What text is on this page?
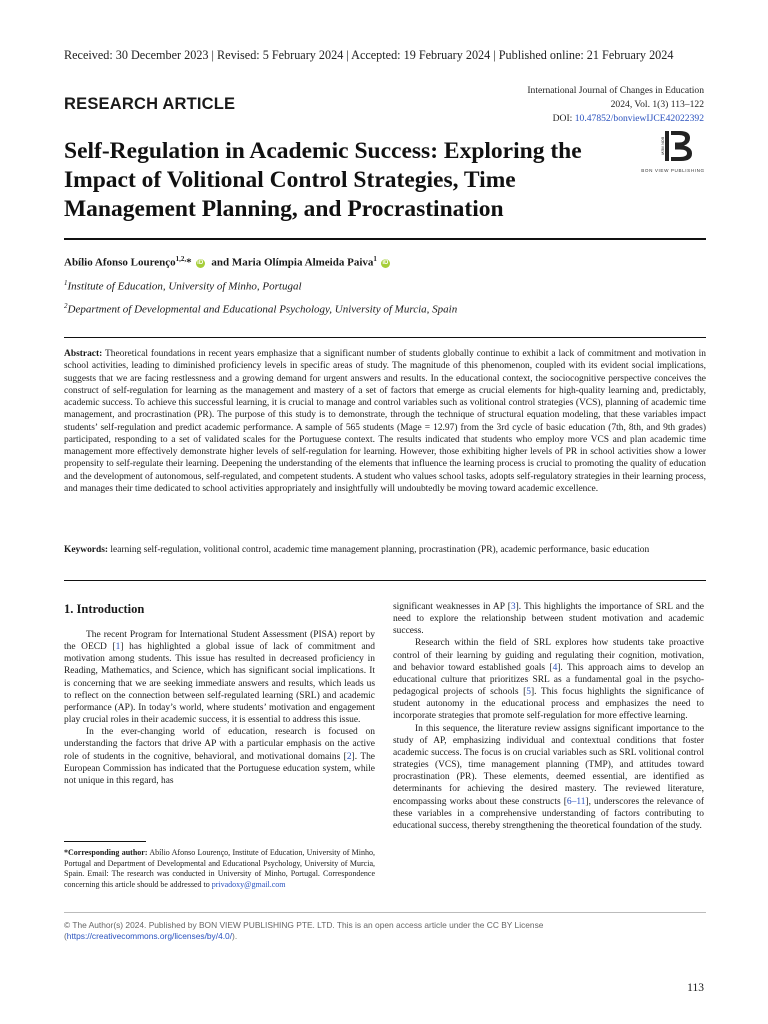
Received: 30 December 2023 | Revised: 5 February 2024 | Accepted: 19 February 2024 | Published online: 21 February 2024
RESEARCH ARTICLE
International Journal of Changes in Education
2024, Vol. 1(3) 113–122
DOI: 10.47852/bonviewIJCE42022392
Self-Regulation in Academic Success: Exploring the Impact of Volitional Control Strategies, Time Management Planning, and Procrastination
BON VIEW
BON VIEW PUBLISHING
Abílio Afonso Lourenço$^{1,2,}$* iD and Maria Olímpia Almeida Paiva$^1$ iD
$^1$Institute of Education, University of Minho, Portugal
$^2$Department of Developmental and Educational Psychology, University of Murcia, Spain
Abstract: Theoretical foundations in recent years emphasize that a significant number of students globally continue to exhibit a lack of commitment and motivation in school activities, leading to diminished proficiency levels in specific areas of study. The magnitude of this phenomenon, coupled with its evident social implications, suggests that we are facing restlessness and a growing demand for urgent answers and results. In the educational context, the sociocognitive perspective conceives the construct of self-regulation for learning as the management and mastery of a set of factors that emerge as crucial elements for high-quality learning and, predictably, academic success. To achieve this successful learning, it is crucial to manage and control variables such as volitional control strategies (VCS), planning of academic time management, and procrastination (PR). The purpose of this study is to demonstrate, through the technique of structural equation modeling, that these variables impact students’ self-regulation and predict academic performance. A sample of 565 students (Mage = 12.97) from the 3rd cycle of basic education (7th, 8th, and 9th grades) participated, responding to a set of validated scales for the Portuguese context. The results indicated that students who employ more VCS and plan academic time management more effectively demonstrate higher levels of self-regulation for learning. However, those exhibiting higher levels of PR in school activities show a lower propensity to self-regulate their learning. Deepening the understanding of the elements that influence the learning process is crucial to promoting the quality of education and the development of autonomous, self-regulated, and competent students. A student who values school tasks, adopts self-regulatory strategies in their learning process, and manages their time dedicated to school activities appropriately and insightfully will undoubtedly be moving toward academic excellence.
Keywords: learning self-regulation, volitional control, academic time management planning, procrastination (PR), academic performance, basic education
1. Introduction

The recent Program for International Student Assessment (PISA) report by the OECD [1] has highlighted a global issue of lack of commitment and motivation among students. This issue has resulted in decreased proficiency in Reading, Mathematics, and Science, which has significant social implications. It is concerning that we are seeking immediate answers and results, which leads us to reflect on the connection between self-regulated learning (SRL) and academic performance (AP). In today’s world, where students’ motivation and engagement play crucial roles in their academic success, it is essential to address this issue.

In the ever-changing world of education, research is focused on understanding the factors that drive AP with a particular emphasis on the active role of students in the cognitive, behavioral, and motivational domains [2]. The European Commission has indicated that the Portuguese education system, while not unique in this regard, has

significant weaknesses in AP [3]. This highlights the importance of SRL and the need to explore the relationship between student motivation and academic success.

Research within the field of SRL explores how students take proactive control of their learning by guiding and regulating their cognition, motivation, and behavior toward established goals [4]. This approach aims to develop an educational culture that prioritizes SRL as a fundamental goal in the psycho-pedagogical projects of schools [5]. This focus highlights the significance of student autonomy in the educational process and emphasizes the need to incorporate strategies that promote self-regulation for more effective learning.

In this sequence, the literature review assigns significant importance to the study of AP, emphasizing individual and contextual conditions that foster academic success. The focus is on crucial variables such as SRL volitional control strategies (VCS), time management planning (TMP), and attitudes toward procrastination (PR). These elements, deemed essential, are identified as determinants for achieving the desired mastery. The reviewed literature, encompassing works about these constructs [6–11], underscores the relevance of these variables in a comprehensive understanding of factors contributing to educational success, thereby strengthening the theoretical foundation of the study.

*Corresponding author: Abílio Afonso Lourenço, Institute of Education, University of Minho, Portugal and Department of Developmental and Educational Psychology, University of Murcia, Spain. Email: The research was conducted in University of Minho, Portugal. Correspondence concerning this article should be addressed to privadoxy@gmail.com
© The Author(s) 2024. Published by BON VIEW PUBLISHING PTE. LTD. This is an open access article under the CC BY License (https://creativecommons.org/licenses/by/4.0/).
113
